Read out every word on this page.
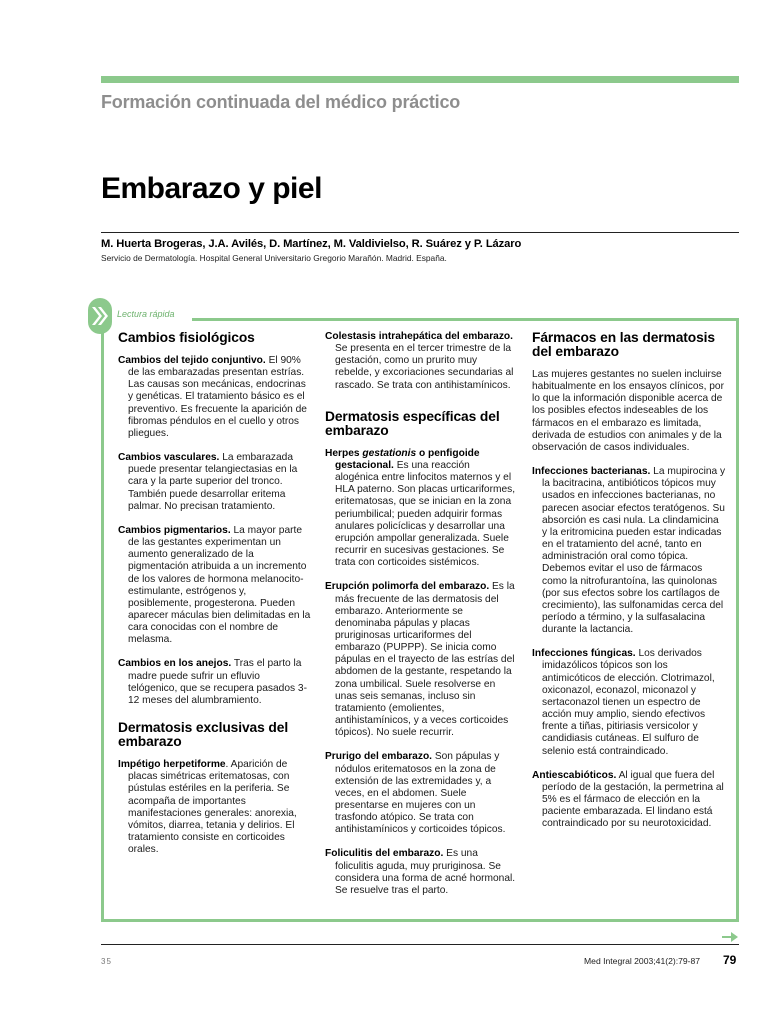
Formación continuada del médico práctico
Embarazo y piel
M. Huerta Brogeras, J.A. Avilés, D. Martínez, M. Valdivielso, R. Suárez y P. Lázaro
Servicio de Dermatología. Hospital General Universitario Gregorio Marañón. Madrid. España.
Lectura rápida
Cambios fisiológicos
Cambios del tejido conjuntivo. El 90% de las embarazadas presentan estrías. Las causas son mecánicas, endocrinas y genéticas. El tratamiento básico es el preventivo. Es frecuente la aparición de fibromas péndulos en el cuello y otros pliegues.
Cambios vasculares. La embarazada puede presentar telangiectasias en la cara y la parte superior del tronco. También puede desarrollar eritema palmar. No precisan tratamiento.
Cambios pigmentarios. La mayor parte de las gestantes experimentan un aumento generalizado de la pigmentación atribuida a un incremento de los valores de hormona melanocito-estimulante, estrógenos y, posiblemente, progesterona. Pueden aparecer máculas bien delimitadas en la cara conocidas con el nombre de melasma.
Cambios en los anejos. Tras el parto la madre puede sufrir un efluvio telógenico, que se recupera pasados 3-12 meses del alumbramiento.
Dermatosis exclusivas del embarazo
Impétigo herpetiforme. Aparición de placas simétricas eritematosas, con pústulas estériles en la periferia. Se acompaña de importantes manifestaciones generales: anorexia, vómitos, diarrea, tetania y delirios. El tratamiento consiste en corticoides orales.
Colestasis intrahepática del embarazo. Se presenta en el tercer trimestre de la gestación, como un prurito muy rebelde, y excoriaciones secundarias al rascado. Se trata con antihistamínicos.
Dermatosis específicas del embarazo
Herpes gestationis o penfigoide gestacional. Es una reacción alogénica entre linfocitos maternos y el HLA paterno. Son placas urticariformes, eritematosas, que se inician en la zona periumbilical; pueden adquirir formas anulares policíclicas y desarrollar una erupción ampollar generalizada. Suele recurrir en sucesivas gestaciones. Se trata con corticoides sistémicos.
Erupción polimorfa del embarazo. Es la más frecuente de las dermatosis del embarazo. Anteriormente se denominaba pápulas y placas pruriginosas urticariformes del embarazo (PUPPP). Se inicia como pápulas en el trayecto de las estrías del abdomen de la gestante, respetando la zona umbilical. Suele resolverse en unas seis semanas, incluso sin tratamiento (emolientes, antihistamínicos, y a veces corticoides tópicos). No suele recurrir.
Prurigo del embarazo. Son pápulas y nódulos eritematosos en la zona de extensión de las extremidades y, a veces, en el abdomen. Suele presentarse en mujeres con un trasfondo atópico. Se trata con antihistamínicos y corticoides tópicos.
Foliculitis del embarazo. Es una foliculitis aguda, muy pruriginosa. Se considera una forma de acné hormonal. Se resuelve tras el parto.
Fármacos en las dermatosis del embarazo
Las mujeres gestantes no suelen incluirse habitualmente en los ensayos clínicos, por lo que la información disponible acerca de los posibles efectos indeseables de los fármacos en el embarazo es limitada, derivada de estudios con animales y de la observación de casos individuales.
Infecciones bacterianas. La mupirocina y la bacitracina, antibióticos tópicos muy usados en infecciones bacterianas, no parecen asociar efectos teratógenos. Su absorción es casi nula. La clindamicina y la eritromicina pueden estar indicadas en el tratamiento del acné, tanto en administración oral como tópica. Debemos evitar el uso de fármacos como la nitrofurantoína, las quinolonas (por sus efectos sobre los cartílagos de crecimiento), las sulfonamidas cerca del período a término, y la sulfasalacina durante la lactancia.
Infecciones fúngicas. Los derivados imidazólicos tópicos son los antimicóticos de elección. Clotrimazol, oxiconazol, econazol, miconazol y sertaconazol tienen un espectro de acción muy amplio, siendo efectivos frente a tiñas, pitiriasis versicolor y candidiasis cutáneas. El sulfuro de selenio está contraindicado.
Antiescabióticos. Al igual que fuera del período de la gestación, la permetrina al 5% es el fármaco de elección en la paciente embarazada. El lindano está contraindicado por su neurotoxicidad.
35	Med Integral 2003;41(2):79-87 79
